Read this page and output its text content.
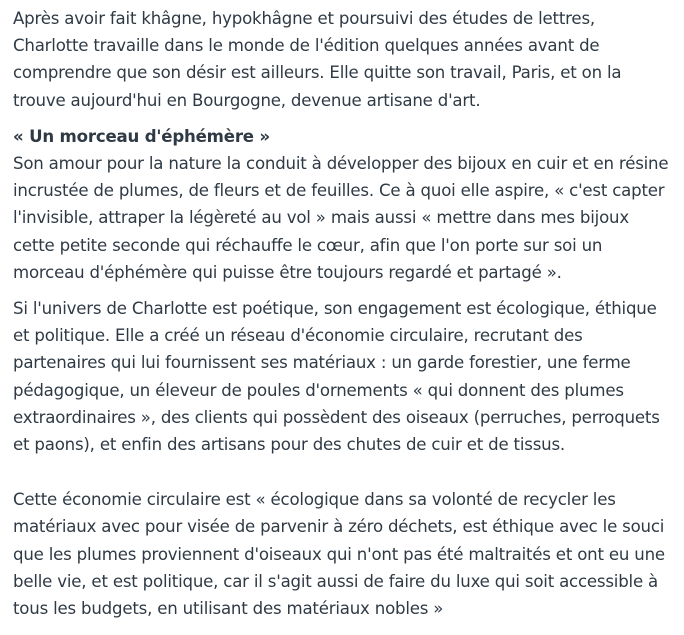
Après avoir fait khâgne, hypokhâgne et poursuivi des études de lettres, Charlotte travaille dans le monde de l'édition quelques années avant de comprendre que son désir est ailleurs. Elle quitte son travail, Paris, et on la trouve aujourd'hui en Bourgogne, devenue artisane d'art.

« Un morceau d'éphémère »

Son amour pour la nature la conduit à développer des bijoux en cuir et en résine incrustée de plumes, de fleurs et de feuilles. Ce à quoi elle aspire, « c'est capter l'invisible, attraper la légèreté au vol » mais aussi « mettre dans mes bijoux cette petite seconde qui réchauffe le cœur, afin que l'on porte sur soi un morceau d'éphémère qui puisse être toujours regardé et partagé ».

Si l'univers de Charlotte est poétique, son engagement est écologique, éthique et politique. Elle a créé un réseau d'économie circulaire, recrutant des partenaires qui lui fournissent ses matériaux : un garde forestier, une ferme pédagogique, un éleveur de poules d'ornements « qui donnent des plumes extraordinaires », des clients qui possèdent des oiseaux (perruches, perroquets et paons), et enfin des artisans pour des chutes de cuir et de tissus.

Cette économie circulaire est « écologique dans sa volonté de recycler les matériaux avec pour visée de parvenir à zéro déchets, est éthique avec le souci que les plumes proviennent d'oiseaux qui n'ont pas été maltraités et ont eu une belle vie, et est politique, car il s'agit aussi de faire du luxe qui soit accessible à tous les budgets, en utilisant des matériaux nobles »
